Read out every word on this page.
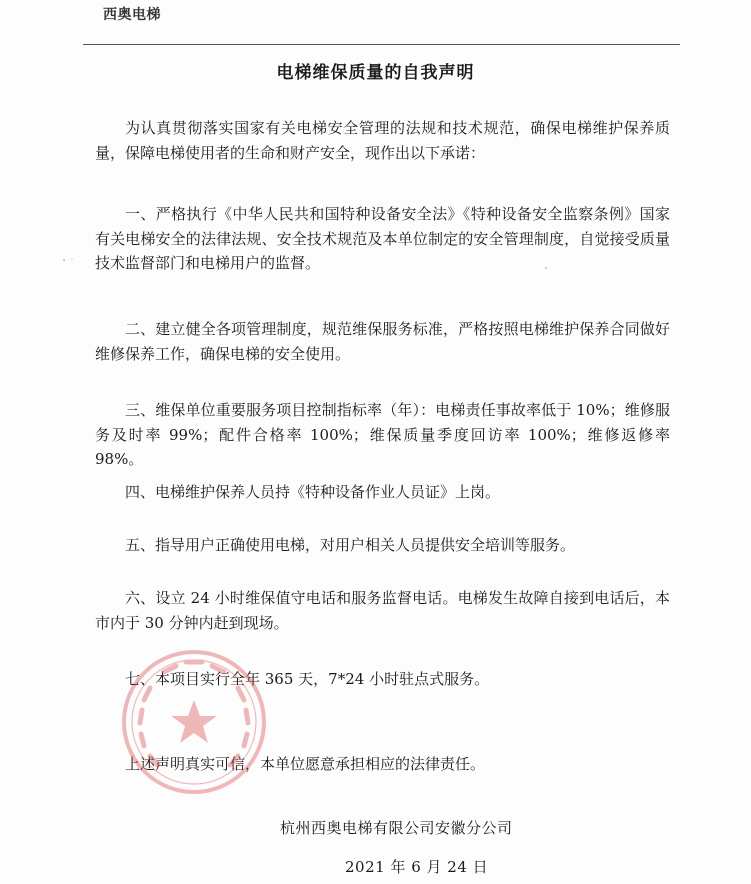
西奥电梯
电梯维保质量的自我声明

为认真贯彻落实国家有关电梯安全管理的法规和技术规范，确保电梯维护保养质量，保障电梯使用者的生命和财产安全，现作出以下承诺：

一、严格执行《中华人民共和国特种设备安全法》《特种设备安全监察条例》国家有关电梯安全的法律法规、安全技术规范及本单位制定的安全管理制度，自觉接受质量技术监督部门和电梯用户的监督。

二、建立健全各项管理制度，规范维保服务标准，严格按照电梯维护保养合同做好维修保养工作，确保电梯的安全使用。

三、维保单位重要服务项目控制指标率（年）：电梯责任事故率低于 10%；维修服务及时率 99%；配件合格率 100%；维保质量季度回访率 100%；维修返修率 98%。

四、电梯维护保养人员持《特种设备作业人员证》上岗。

五、指导用户正确使用电梯，对用户相关人员提供安全培训等服务。

六、设立 24 小时维保值守电话和服务监督电话。电梯发生故障自接到电话后，本市内于 30 分钟内赶到现场。

七、本项目实行全年 365 天，7*24 小时驻点式服务。

上述声明真实可信，本单位愿意承担相应的法律责任。

杭州西奥电梯有限公司安徽分公司
2021 年 6 月 24 日
